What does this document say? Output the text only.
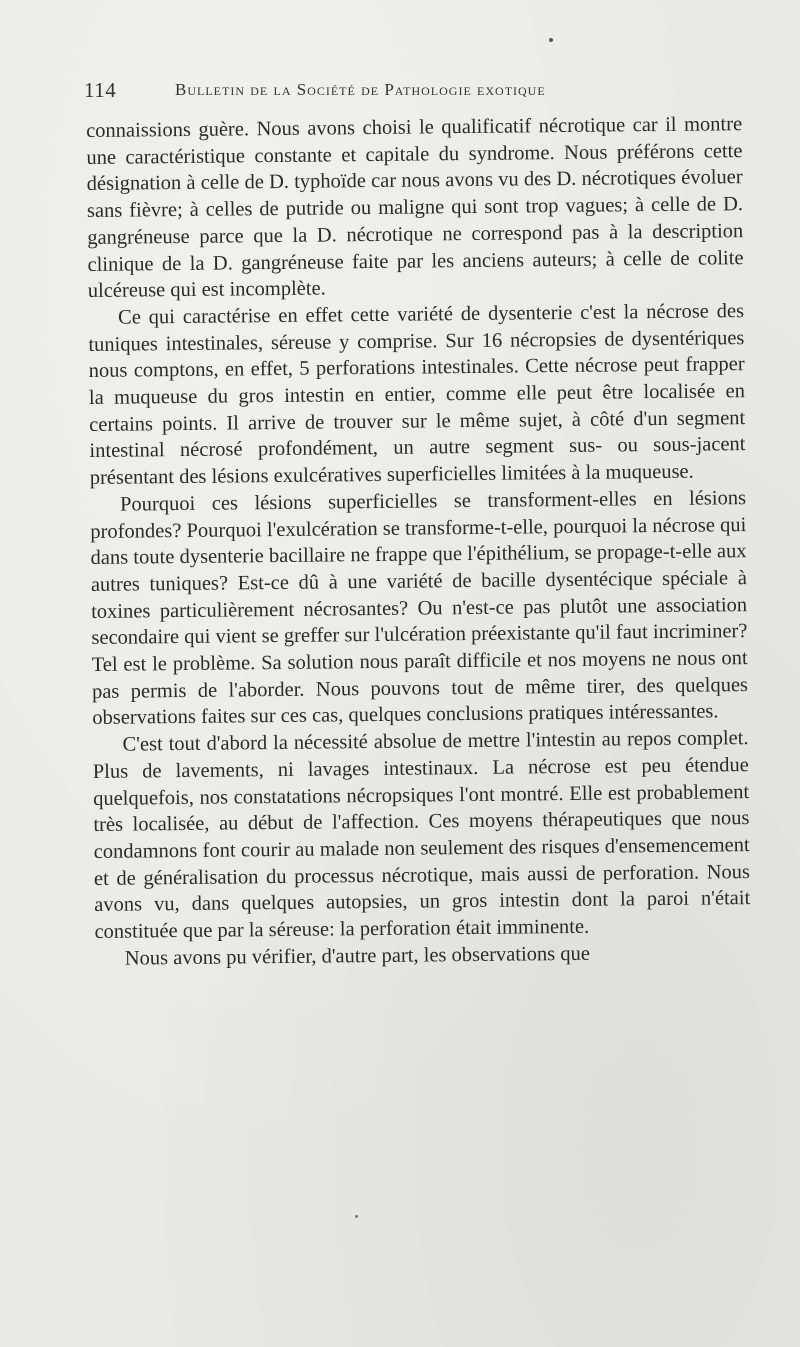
114	Bulletin de la Société de Pathologie exotique

connaissions guère. Nous avons choisi le qualificatif nécrotique car il montre une caractéristique constante et capitale du syndrome. Nous préférons cette désignation à celle de D. typhoïde car nous avons vu des D. nécrotiques évoluer sans fièvre; à celles de putride ou maligne qui sont trop vagues; à celle de D. gangréneuse parce que la D. nécrotique ne correspond pas à la description clinique de la D. gangréneuse faite par les anciens auteurs; à celle de colite ulcéreuse qui est incomplète.

Ce qui caractérise en effet cette variété de dysenterie c'est la nécrose des tuniques intestinales, séreuse y comprise. Sur 16 nécropsies de dysentériques nous comptons, en effet, 5 perforations intestinales. Cette nécrose peut frapper la muqueuse du gros intestin en entier, comme elle peut être localisée en certains points. Il arrive de trouver sur le même sujet, à côté d'un segment intestinal nécrosé profondément, un autre segment sus- ou sous-jacent présentant des lésions exulcératives superficielles limitées à la muqueuse.

Pourquoi ces lésions superficielles se transforment-elles en lésions profondes? Pourquoi l'exulcération se transforme-t-elle, pourquoi la nécrose qui dans toute dysenterie bacillaire ne frappe que l'épithélium, se propage-t-elle aux autres tuniques? Est-ce dû à une variété de bacille dysentécique spéciale à toxines particulièrement nécrosantes? Ou n'est-ce pas plutôt une association secondaire qui vient se greffer sur l'ulcération préexistante qu'il faut incriminer? Tel est le problème. Sa solution nous paraît difficile et nos moyens ne nous ont pas permis de l'aborder. Nous pouvons tout de même tirer, des quelques observations faites sur ces cas, quelques conclusions pratiques intéressantes.

C'est tout d'abord la nécessité absolue de mettre l'intestin au repos complet. Plus de lavements, ni lavages intestinaux. La nécrose est peu étendue quelquefois, nos constatations nécropsiques l'ont montré. Elle est probablement très localisée, au début de l'affection. Ces moyens thérapeutiques que nous condamnons font courir au malade non seulement des risques d'ensemencement et de généralisation du processus nécrotique, mais aussi de perforation. Nous avons vu, dans quelques autopsies, un gros intestin dont la paroi n'était constituée que par la séreuse: la perforation était imminente.

Nous avons pu vérifier, d'autre part, les observations que
